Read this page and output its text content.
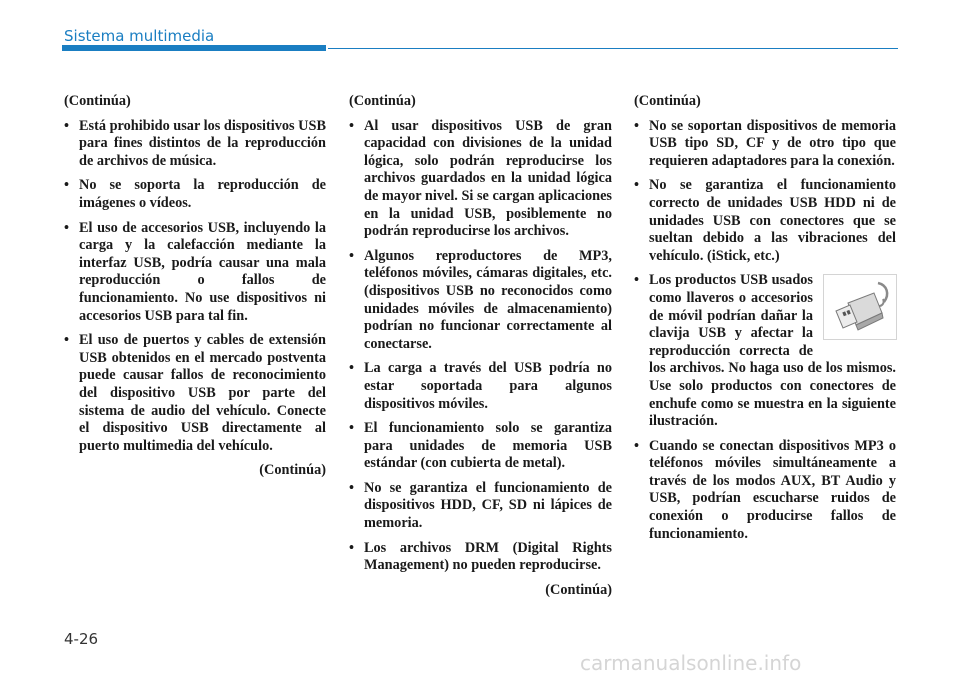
Sistema multimedia

(Continúa)

• Está prohibido usar los dispositivos USB para fines distintos de la reproducción de archivos de música.
• No se soporta la reproducción de imágenes o vídeos.
• El uso de accesorios USB, incluyendo la carga y la calefacción mediante la interfaz USB, podría causar una mala reproducción o fallos de funcionamiento. No use dispositivos ni accesorios USB para tal fin.
• El uso de puertos y cables de extensión USB obtenidos en el mercado postventa puede causar fallos de reconocimiento del dispositivo USB por parte del sistema de audio del vehículo. Conecte el dispositivo USB directamente al puerto multimedia del vehículo.

(Continúa)

(Continúa)

• Al usar dispositivos USB de gran capacidad con divisiones de la unidad lógica, solo podrán reproducirse los archivos guardados en la unidad lógica de mayor nivel. Si se cargan aplicaciones en la unidad USB, posiblemente no podrán reproducirse los archivos.
• Algunos reproductores de MP3, teléfonos móviles, cámaras digitales, etc. (dispositivos USB no reconocidos como unidades móviles de almacenamiento) podrían no funcionar correctamente al conectarse.
• La carga a través del USB podría no estar soportada para algunos dispositivos móviles.
• El funcionamiento solo se garantiza para unidades de memoria USB estándar (con cubierta de metal).
• No se garantiza el funcionamiento de dispositivos HDD, CF, SD ni lápices de memoria.
• Los archivos DRM (Digital Rights Management) no pueden reproducirse.

(Continúa)

(Continúa)

• No se soportan dispositivos de memoria USB tipo SD, CF y de otro tipo que requieren adaptadores para la conexión.
• No se garantiza el funcionamiento correcto de unidades USB HDD ni de unidades USB con conectores que se sueltan debido a las vibraciones del vehículo. (iStick, etc.)
• Los productos USB usados como llaveros o accesorios de móvil podrían dañar la clavija USB y afectar la reproducción correcta de los archivos. No haga uso de los mismos. Use solo productos con conectores de enchufe como se muestra en la siguiente ilustración.
• Cuando se conectan dispositivos MP3 o teléfonos móviles simultáneamente a través de los modos AUX, BT Audio y USB, podrían escucharse ruidos de conexión o producirse fallos de funcionamiento.
4-26
carmanualsonline.info
